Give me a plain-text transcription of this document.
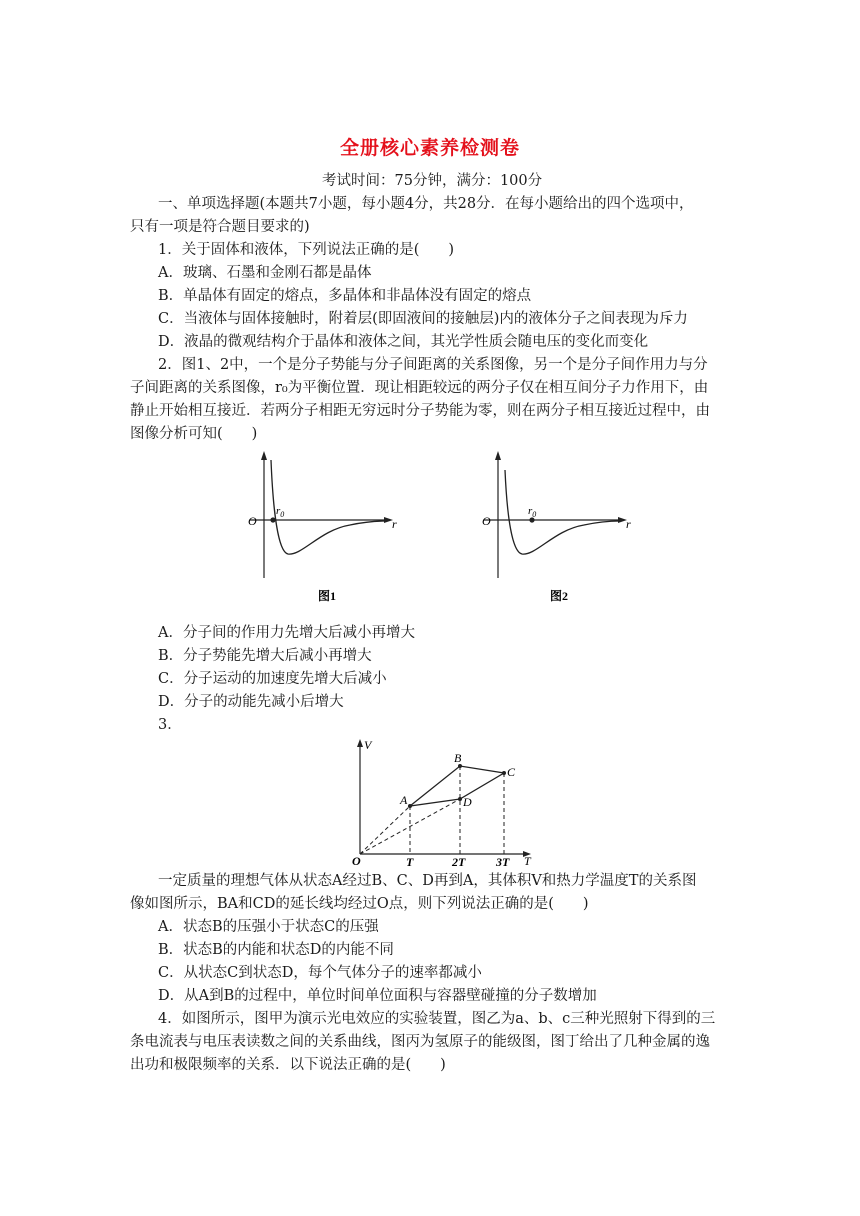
全册核心素养检测卷
考试时间：75分钟，满分：100分
一、单项选择题(本题共7小题，每小题4分，共28分．在每小题给出的四个选项中，
只有一项是符合题目要求的)
1．关于固体和液体，下列说法正确的是(　　)
A．玻璃、石墨和金刚石都是晶体
B．单晶体有固定的熔点，多晶体和非晶体没有固定的熔点
C．当液体与固体接触时，附着层(即固液间的接触层)内的液体分子之间表现为斥力
D．液晶的微观结构介于晶体和液体之间，其光学性质会随电压的变化而变化
2．图1、2中，一个是分子势能与分子间距离的关系图像，另一个是分子间作用力与分
子间距离的关系图像，r₀为平衡位置．现让相距较远的两分子仅在相互间分子力作用下，由
静止开始相互接近．若两分子相距无穷远时分子势能为零，则在两分子相互接近过程中，由
图像分析可知(　　)
$r_0$
O	r
图1
$r_0$
O	r
图2
A．分子间的作用力先增大后减小再增大
B．分子势能先增大后减小再增大
C．分子运动的加速度先增大后减小
D．分子的动能先减小后增大
3．
A
B
C
D
V
T
O	T	2T	3T
一定质量的理想气体从状态A经过B、C、D再到A，其体积V和热力学温度T的关系图
像如图所示，BA和CD的延长线均经过O点，则下列说法正确的是(　　)
A．状态B的压强小于状态C的压强
B．状态B的内能和状态D的内能不同
C．从状态C到状态D，每个气体分子的速率都减小
D．从A到B的过程中，单位时间单位面积与容器壁碰撞的分子数增加
4．如图所示，图甲为演示光电效应的实验装置，图乙为a、b、c三种光照射下得到的三
条电流表与电压表读数之间的关系曲线，图丙为氢原子的能级图，图丁给出了几种金属的逸
出功和极限频率的关系．以下说法正确的是(　　)
